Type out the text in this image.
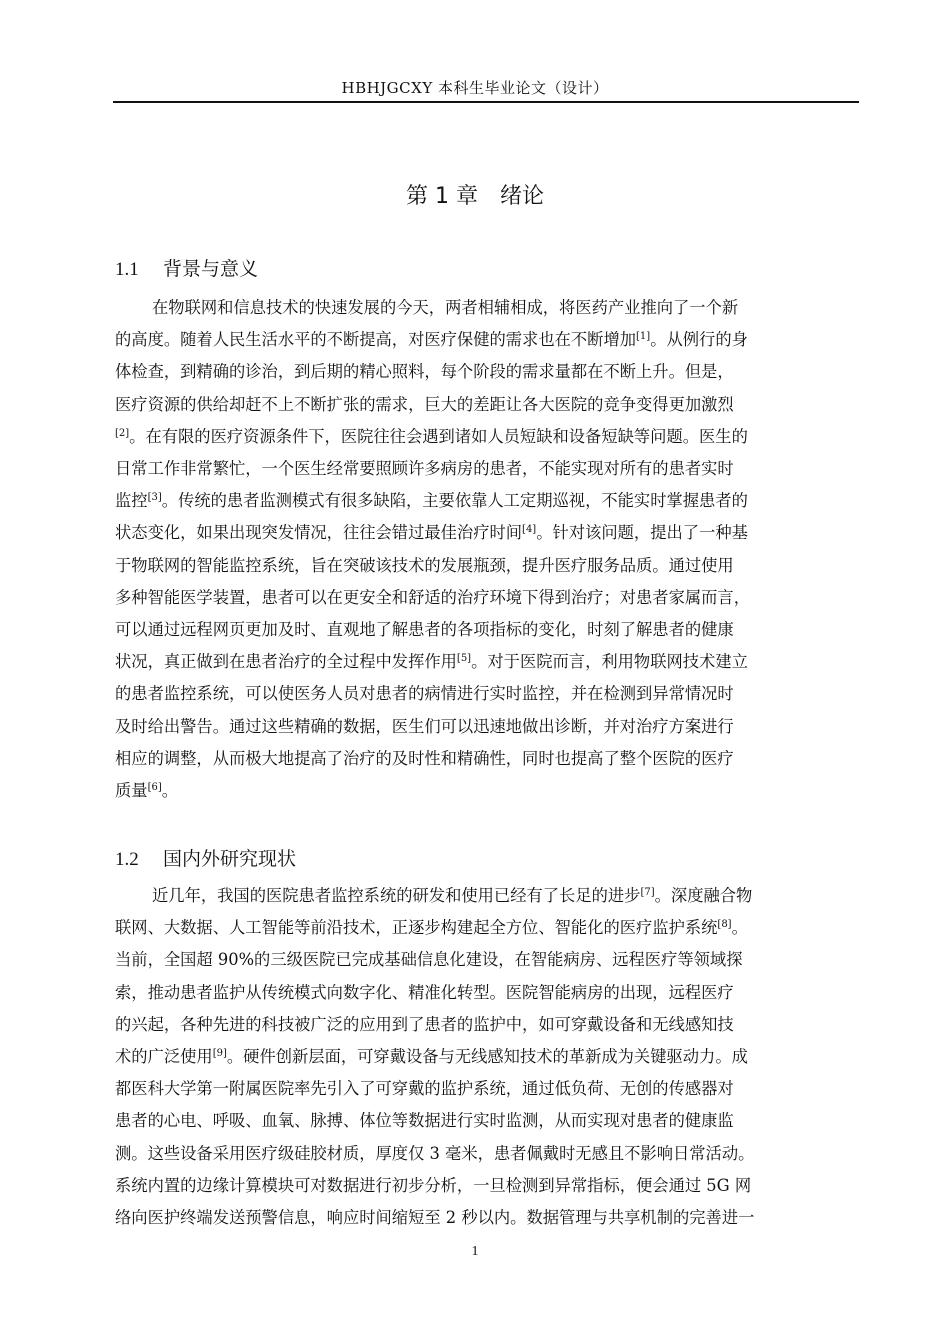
HBHJGCXY 本科生毕业论文（设计）
第 1 章　绪论
1.1 背景与意义
1.2 国内外研究现状
1
在物联网和信息技术的快速发展的今天，两者相辅相成，将医药产业推向了一个新
的高度。随着人民生活水平的不断提高，对医疗保健的需求也在不断增加[1]。从例行的身
体检查，到精确的诊治，到后期的精心照料，每个阶段的需求量都在不断上升。但是，
医疗资源的供给却赶不上不断扩张的需求，巨大的差距让各大医院的竞争变得更加激烈
[2]。在有限的医疗资源条件下，医院往往会遇到诸如人员短缺和设备短缺等问题。医生的
日常工作非常繁忙，一个医生经常要照顾许多病房的患者，不能实现对所有的患者实时
监控[3]。传统的患者监测模式有很多缺陷，主要依靠人工定期巡视，不能实时掌握患者的
状态变化，如果出现突发情况，往往会错过最佳治疗时间[4]。针对该问题，提出了一种基
于物联网的智能监控系统，旨在突破该技术的发展瓶颈，提升医疗服务品质。通过使用
多种智能医学装置，患者可以在更安全和舒适的治疗环境下得到治疗；对患者家属而言，
可以通过远程网页更加及时、直观地了解患者的各项指标的变化，时刻了解患者的健康
状况，真正做到在患者治疗的全过程中发挥作用[5]。对于医院而言，利用物联网技术建立
的患者监控系统，可以使医务人员对患者的病情进行实时监控，并在检测到异常情况时
及时给出警告。通过这些精确的数据，医生们可以迅速地做出诊断，并对治疗方案进行
相应的调整，从而极大地提高了治疗的及时性和精确性，同时也提高了整个医院的医疗
质量[6]。
近几年，我国的医院患者监控系统的研发和使用已经有了长足的进步[7]。深度融合物
联网、大数据、人工智能等前沿技术，正逐步构建起全方位、智能化的医疗监护系统[8]。
当前，全国超 90%的三级医院已完成基础信息化建设，在智能病房、远程医疗等领域探
索，推动患者监护从传统模式向数字化、精准化转型。医院智能病房的出现，远程医疗
的兴起，各种先进的科技被广泛的应用到了患者的监护中，如可穿戴设备和无线感知技
术的广泛使用[9]。硬件创新层面，可穿戴设备与无线感知技术的革新成为关键驱动力。成
都医科大学第一附属医院率先引入了可穿戴的监护系统，通过低负荷、无创的传感器对
患者的心电、呼吸、血氧、脉搏、体位等数据进行实时监测，从而实现对患者的健康监
测。这些设备采用医疗级硅胶材质，厚度仅 3 毫米，患者佩戴时无感且不影响日常活动。
系统内置的边缘计算模块可对数据进行初步分析，一旦检测到异常指标，便会通过 5G 网
络向医护终端发送预警信息，响应时间缩短至 2 秒以内。数据管理与共享机制的完善进一
